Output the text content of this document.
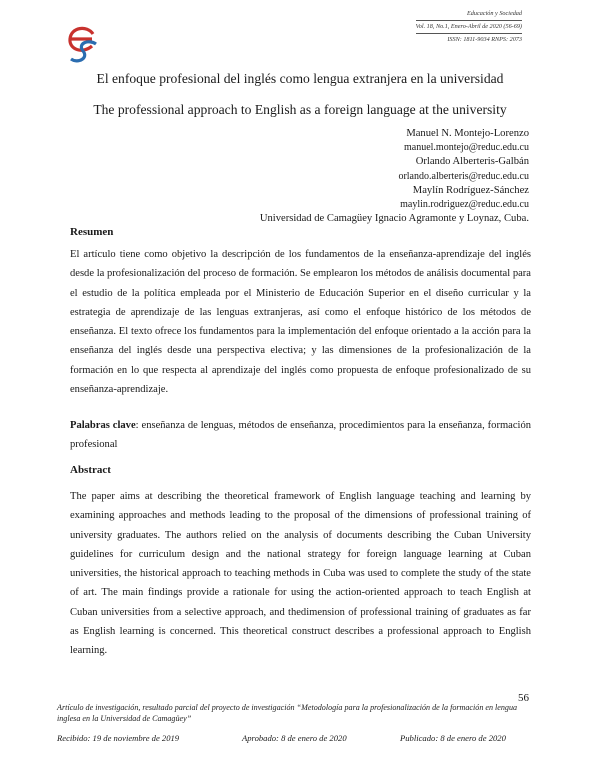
Educación y Sociedad
Vol. 18, No.1, Enero-Abril de 2020 (56-69)
ISSN: 1811-9034 RNPS: 2073
El enfoque profesional del inglés como lengua extranjera en la universidad
The professional approach to English as a foreign language at the university
Manuel N. Montejo-Lorenzo
manuel.montejo@reduc.edu.cu
Orlando Alberteris-Galbán
orlando.alberteris@reduc.edu.cu
Maylín Rodríguez-Sánchez
maylin.rodriguez@reduc.edu.cu
Universidad de Camagüey Ignacio Agramonte y Loynaz, Cuba.
Resumen
El artículo tiene como objetivo la descripción de los fundamentos de la enseñanza-aprendizaje del inglés desde la profesionalización del proceso de formación. Se emplearon los métodos de análisis documental para el estudio de la política empleada por el Ministerio de Educación Superior en el diseño curricular y la estrategia de aprendizaje de las lenguas extranjeras, así como el enfoque histórico de los métodos de enseñanza. El texto ofrece los fundamentos para la implementación del enfoque orientado a la acción para la enseñanza del inglés desde una perspectiva electiva; y las dimensiones de la profesionalización de la formación en lo que respecta al aprendizaje del inglés como propuesta de enfoque profesionalizado de su enseñanza-aprendizaje.
Palabras clave: enseñanza de lenguas, métodos de enseñanza, procedimientos para la enseñanza, formación profesional
Abstract
The paper aims at describing the theoretical framework of English language teaching and learning by examining approaches and methods leading to the proposal of the dimensions of professional training of university graduates. The authors relied on the analysis of documents describing the Cuban University guidelines for curriculum design and the national strategy for foreign language learning at Cuban universities, the historical approach to teaching methods in Cuba was used to complete the study of the state of art. The main findings provide a rationale for using the action-oriented approach to teach English at Cuban universities from a selective approach, and thedimension of professional training of graduates as far as English learning is concerned. This theoretical construct describes a professional approach to English learning.
56
Artículo de investigación, resultado parcial del proyecto de investigación “Metodología para la profesionalización de la formación en lengua inglesa en la Universidad de Camagüey”
Recibido: 19 de noviembre de 2019	Aprobado: 8 de enero de 2020	Publicado: 8 de enero de 2020
